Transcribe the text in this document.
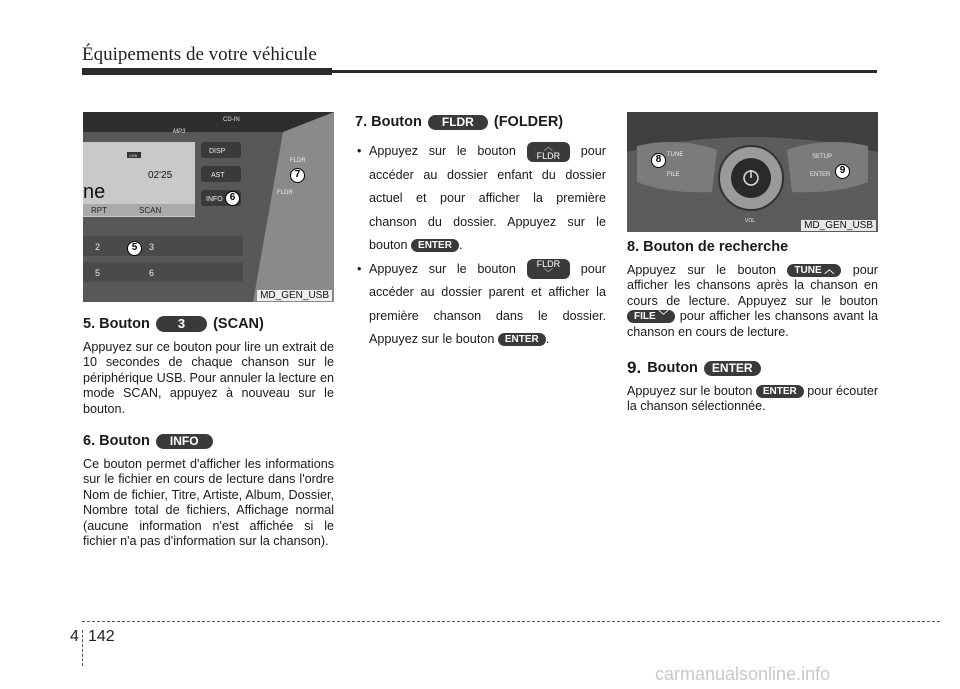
Équipements de votre véhicule
CD-IN
MP3
USB
ne
02'25
RPT	SCAN
DISP
AST
INFO
FLDR
FLDR
2	3
5	6
5
6
7
MD_GEN_USB
5. Bouton	3	(SCAN)

Appuyez sur ce bouton pour lire un extrait de 10 secondes de chaque chanson sur le périphérique USB. Pour annuler la lecture en mode SCAN, appuyez à nouveau sur le bouton.

6. Bouton	INFO

Ce bouton permet d'afficher les informations sur le fichier en cours de lecture dans l'ordre Nom de fichier, Titre, Artiste, Album, Dossier, Nombre total de fichiers, Affichage normal (aucune information n'est affichée si le fichier n'a pas d'information sur la chanson).

7. Bouton	FLDR	(FOLDER)
• Appuyez sur le bouton	︿
FLDR pour accéder au dossier enfant du dossier actuel et pour afficher la première chanson du dossier. Appuyez sur le bouton ENTER .
• Appuyez sur le bouton FLDR
﹀ pour accéder au dossier parent et afficher la première chanson dans le dossier. Appuyez sur le bouton ENTER .
TUNE
FILE
SETUP
ENTER
VOL
8
9
MD_GEN_USB
8. Bouton de recherche

Appuyez sur le bouton TUNE ︿ pour afficher les chansons après la chanson en cours de lecture. Appuyez sur le bouton FILE ﹀ pour afficher les chansons avant la chanson en cours de lecture.

9. Bouton	ENTER

Appuyez sur le bouton ENTER pour écouter la chanson sélectionnée.

4 142
carmanualsonline.info
